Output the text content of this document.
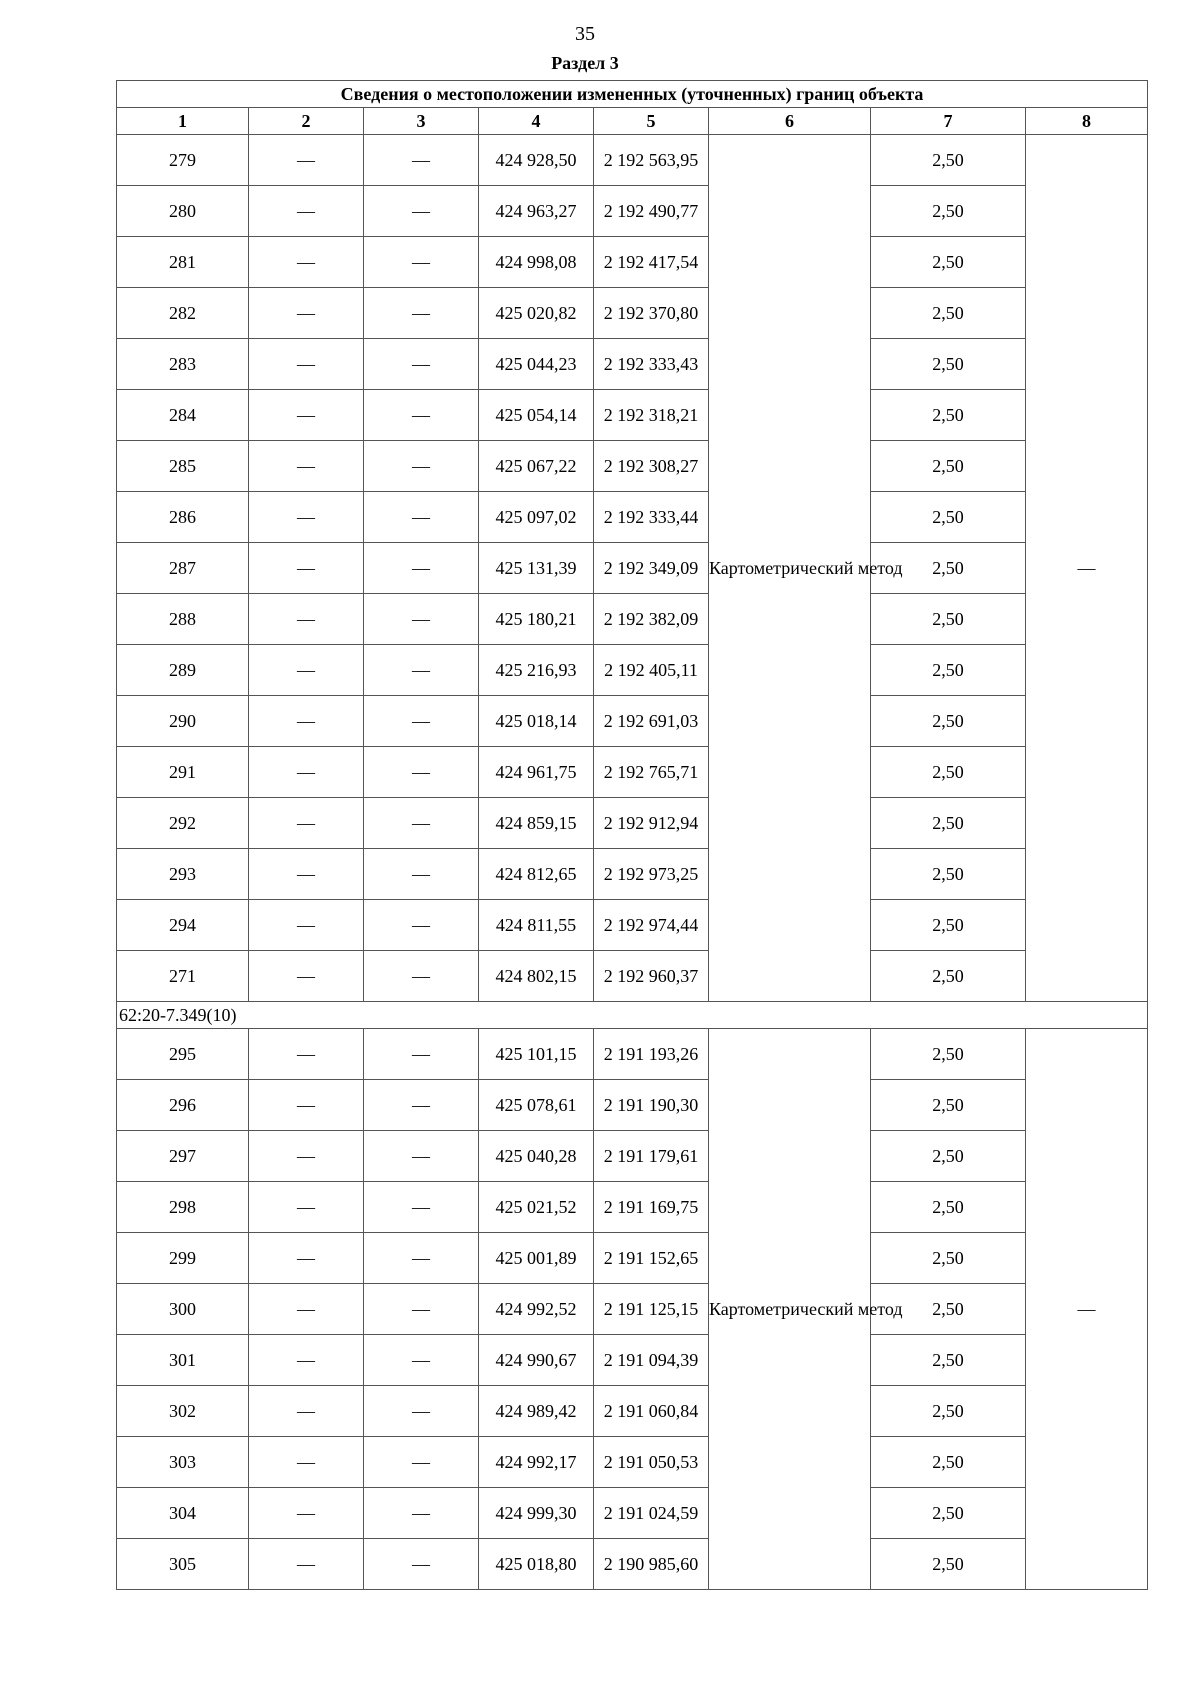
35
Раздел 3
Сведения о местоположении измененных (уточненных) границ объекта							
1	2	3	4	5	6	7	8
279	—	—	424 928,50	2 192 563,95	Картометрический метод	2,50	—
280	—	—	424 963,27	2 192 490,77		2,50	
281	—	—	424 998,08	2 192 417,54		2,50	
282	—	—	425 020,82	2 192 370,80		2,50	
283	—	—	425 044,23	2 192 333,43		2,50	
284	—	—	425 054,14	2 192 318,21		2,50	
285	—	—	425 067,22	2 192 308,27		2,50	
286	—	—	425 097,02	2 192 333,44		2,50	
287	—	—	425 131,39	2 192 349,09		2,50	
288	—	—	425 180,21	2 192 382,09		2,50	
289	—	—	425 216,93	2 192 405,11		2,50	
290	—	—	425 018,14	2 192 691,03		2,50	
291	—	—	424 961,75	2 192 765,71		2,50	
292	—	—	424 859,15	2 192 912,94		2,50	
293	—	—	424 812,65	2 192 973,25		2,50	
294	—	—	424 811,55	2 192 974,44		2,50	
271	—	—	424 802,15	2 192 960,37		2,50	
62:20-7.349(10)							
295	—	—	425 101,15	2 191 193,26	Картометрический метод	2,50	—
296	—	—	425 078,61	2 191 190,30		2,50	
297	—	—	425 040,28	2 191 179,61		2,50	
298	—	—	425 021,52	2 191 169,75		2,50	
299	—	—	425 001,89	2 191 152,65		2,50	
300	—	—	424 992,52	2 191 125,15		2,50	
301	—	—	424 990,67	2 191 094,39		2,50	
302	—	—	424 989,42	2 191 060,84		2,50	
303	—	—	424 992,17	2 191 050,53		2,50	
304	—	—	424 999,30	2 191 024,59		2,50	
305	—	—	425 018,80	2 190 985,60		2,50	
